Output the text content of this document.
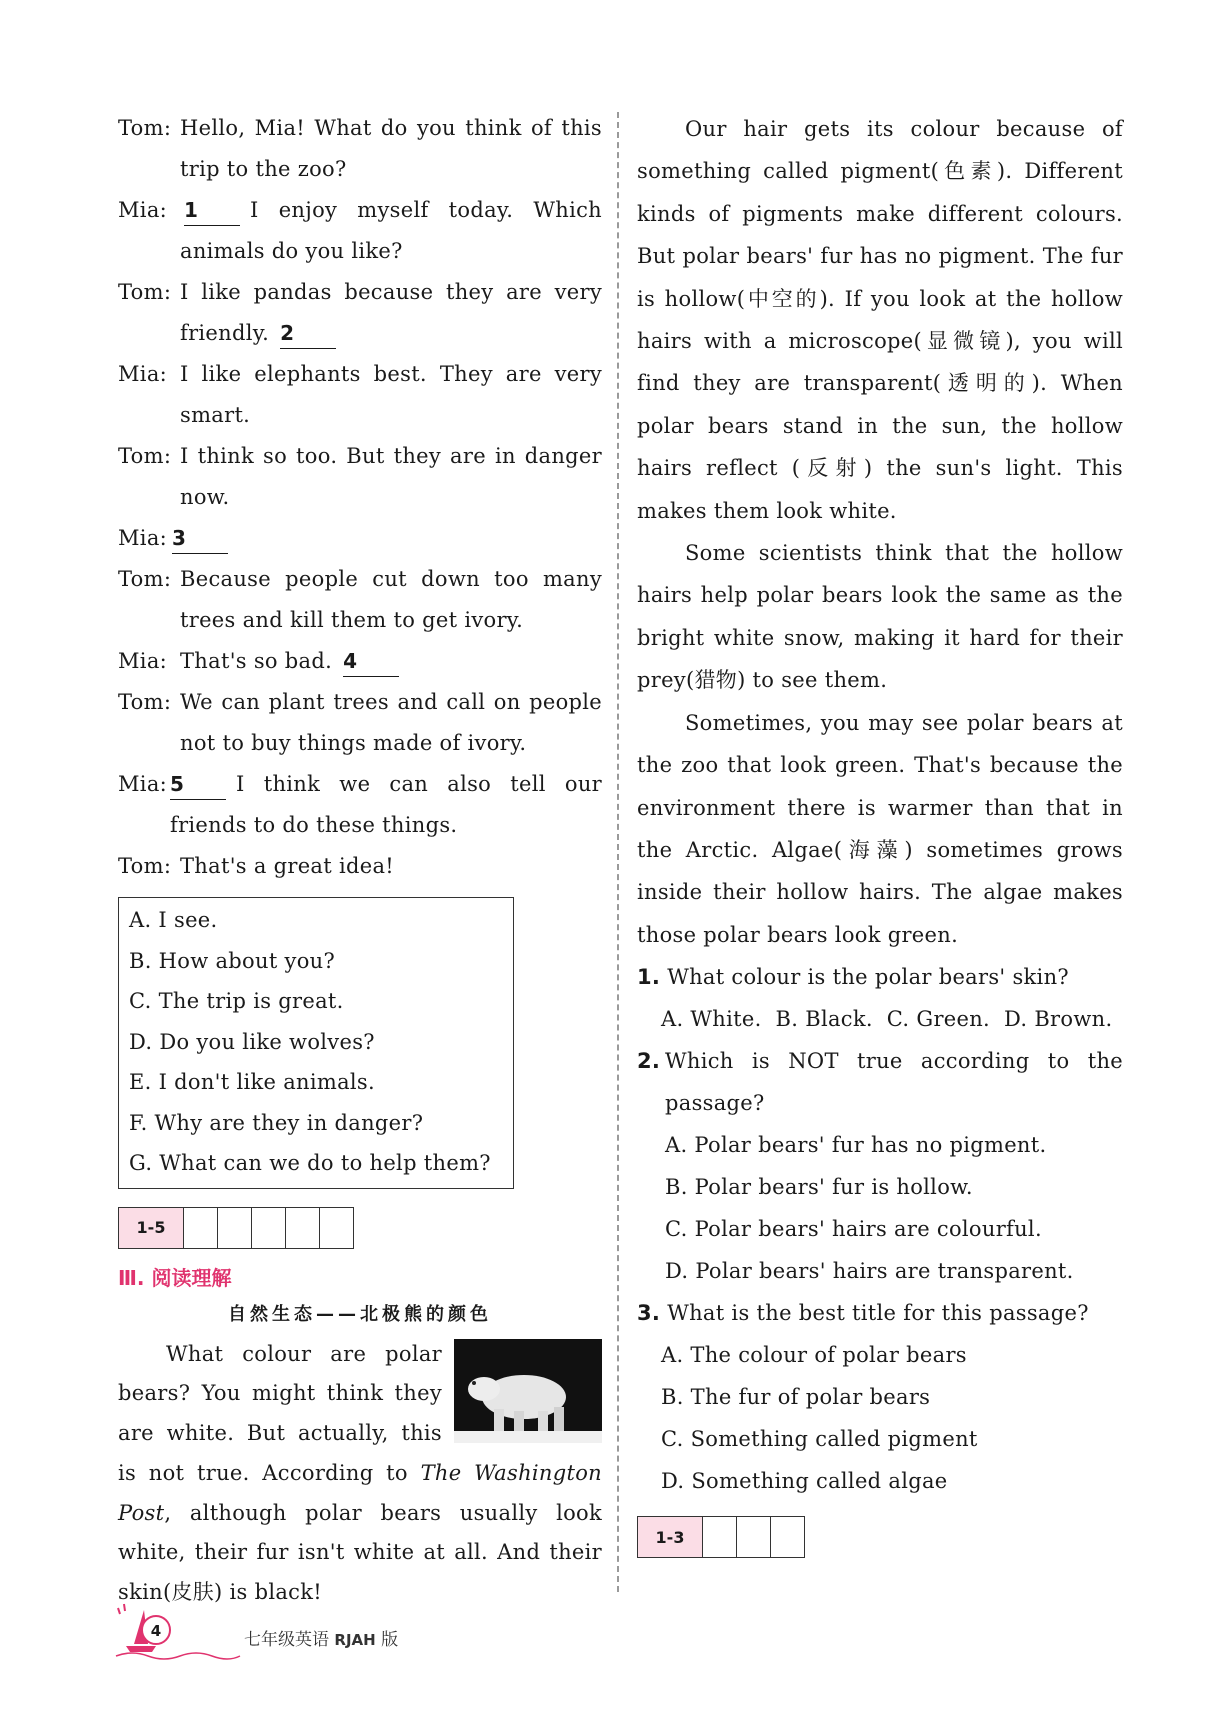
Tom: Hello, Mia! What do you think of this trip to the zoo?
Mia: 1 I enjoy myself today. Which animals do you like?
Tom: I like pandas because they are very friendly. 2
Mia: I like elephants best. They are very smart.
Tom: I think so too. But they are in danger now.
Mia: 3
Tom: Because people cut down too many trees and kill them to get ivory.
Mia: That's so bad. 4
Tom: We can plant trees and call on people not to buy things made of ivory.
Mia: 5 I think we can also tell our friends to do these things.
Tom: That's a great idea!
A. I see.
B. How about you?
C. The trip is great.
D. Do you like wolves?
E. I don't like animals.
F. Why are they in danger?
G. What can we do to help them?
1-5
Ⅲ. 阅读理解
自然生态——北极熊的颜色
What colour are polar bears? You might think they are white. But actually, this is not true. According to The Washington Post, although polar bears usually look white, their fur isn't white at all. And their skin(皮肤) is black!
Our hair gets its colour because of something called pigment(色素). Different kinds of pigments make different colours. But polar bears' fur has no pigment. The fur is hollow(中空的). If you look at the hollow hairs with a microscope(显微镜), you will find they are transparent(透明的). When polar bears stand in the sun, the hollow hairs reflect (反射) the sun's light. This makes them look white.
Some scientists think that the hollow hairs help polar bears look the same as the bright white snow, making it hard for their prey(猎物) to see them.
Sometimes, you may see polar bears at the zoo that look green. That's because the environment there is warmer than that in the Arctic. Algae(海藻) sometimes grows inside their hollow hairs. The algae makes those polar bears look green.
1. What colour is the polar bears' skin?
A. White.  B. Black.  C. Green.  D. Brown.
2. Which is NOT true according to the passage?
A. Polar bears' fur has no pigment.
B. Polar bears' fur is hollow.
C. Polar bears' hairs are colourful.
D. Polar bears' hairs are transparent.
3. What is the best title for this passage?
A. The colour of polar bears
B. The fur of polar bears
C. Something called pigment
D. Something called algae
1-3
4	七年级英语 RJAH 版
